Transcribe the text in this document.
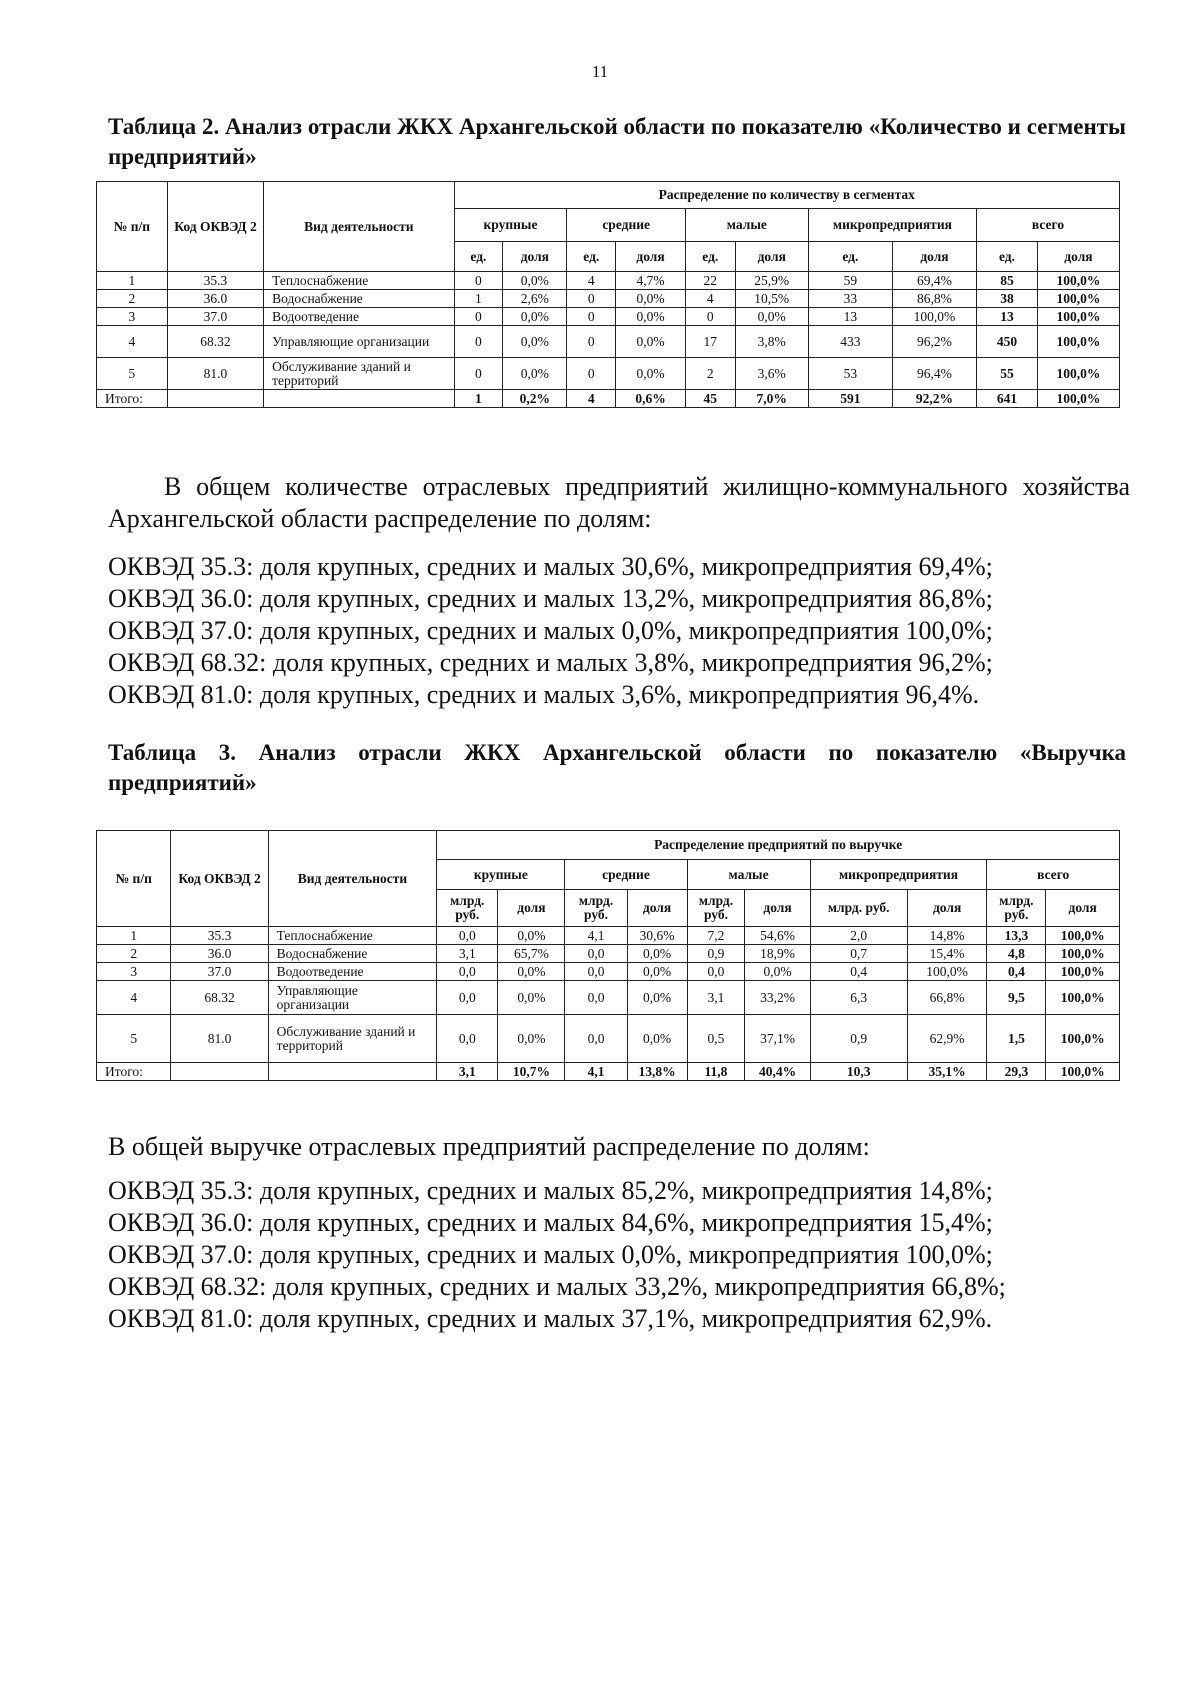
11
Таблица 2. Анализ отрасли ЖКХ Архангельской области по показателю «Количество и сегменты предприятий»
№ п/п	Код ОКВЭД 2	Вид деятельности	Распределение по количеству в сегментах									
			крупные		средние		малые		микропредприятия		всего	
			ед.	доля	ед.	доля	ед.	доля	ед.	доля	ед.	доля
1	35.3	Теплоснабжение	0	0,0%	4	4,7%	22	25,9%	59	69,4%	85	100,0%
2	36.0	Водоснабжение	1	2,6%	0	0,0%	4	10,5%	33	86,8%	38	100,0%
3	37.0	Водоотведение	0	0,0%	0	0,0%	0	0,0%	13	100,0%	13	100,0%
4	68.32	Управляющие организации	0	0,0%	0	0,0%	17	3,8%	433	96,2%	450	100,0%
5	81.0	Обслуживание зданий и территорий	0	0,0%	0	0,0%	2	3,6%	53	96,4%	55	100,0%
Итого:			1	0,2%	4	0,6%	45	7,0%	591	92,2%	641	100,0%
В общем количестве отраслевых предприятий жилищно-коммунального хозяйства Архангельской области распределение по долям:
ОКВЭД 35.3: доля крупных, средних и малых 30,6%, микропредприятия 69,4%;
ОКВЭД 36.0: доля крупных, средних и малых 13,2%, микропредприятия 86,8%;
ОКВЭД 37.0: доля крупных, средних и малых 0,0%, микропредприятия 100,0%;
ОКВЭД 68.32: доля крупных, средних и малых 3,8%, микропредприятия 96,2%;
ОКВЭД 81.0: доля крупных, средних и малых 3,6%, микропредприятия 96,4%.
Таблица 3. Анализ отрасли ЖКХ Архангельской области по показателю «Выручка предприятий»
№ п/п	Код ОКВЭД 2	Вид деятельности	Распределение предприятий по выручке									
			крупные		средние		малые		микропредприятия		всего	
			млрд. руб.	доля	млрд. руб.	доля	млрд. руб.	доля	млрд. руб.	доля	млрд. руб.	доля
1	35.3	Теплоснабжение	0,0	0,0%	4,1	30,6%	7,2	54,6%	2,0	14,8%	13,3	100,0%
2	36.0	Водоснабжение	3,1	65,7%	0,0	0,0%	0,9	18,9%	0,7	15,4%	4,8	100,0%
3	37.0	Водоотведение	0,0	0,0%	0,0	0,0%	0,0	0,0%	0,4	100,0%	0,4	100,0%
4	68.32	Управляющие организации	0,0	0,0%	0,0	0,0%	3,1	33,2%	6,3	66,8%	9,5	100,0%
5	81.0	Обслуживание зданий и территорий	0,0	0,0%	0,0	0,0%	0,5	37,1%	0,9	62,9%	1,5	100,0%
Итого:			3,1	10,7%	4,1	13,8%	11,8	40,4%	10,3	35,1%	29,3	100,0%
В общей выручке отраслевых предприятий распределение по долям:
ОКВЭД 35.3: доля крупных, средних и малых 85,2%, микропредприятия 14,8%;
ОКВЭД 36.0: доля крупных, средних и малых 84,6%, микропредприятия 15,4%;
ОКВЭД 37.0: доля крупных, средних и малых 0,0%, микропредприятия 100,0%;
ОКВЭД 68.32: доля крупных, средних и малых 33,2%, микропредприятия 66,8%;
ОКВЭД 81.0: доля крупных, средних и малых 37,1%, микропредприятия 62,9%.
